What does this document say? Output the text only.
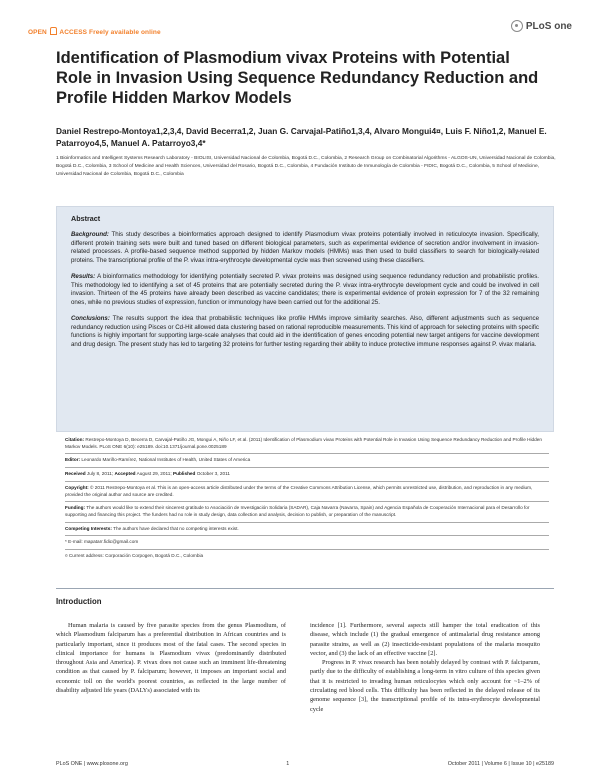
OPEN ACCESS Freely available online
PLoS one
Identification of Plasmodium vivax Proteins with Potential Role in Invasion Using Sequence Redundancy Reduction and Profile Hidden Markov Models
Daniel Restrepo-Montoya1,2,3,4, David Becerra1,2, Juan G. Carvajal-Patiño1,3,4, Alvaro Mongui4¤, Luis F. Niño1,2, Manuel E. Patarroyo4,5, Manuel A. Patarroyo3,4*
1 Bioinformatics and Intelligent Systems Research Laboratory - BIOLISI, Universidad Nacional de Colombia, Bogotá D.C., Colombia, 2 Research Group on Combinatorial Algorithms - ALGOS-UN, Universidad Nacional de Colombia, Bogotá D.C., Colombia, 3 School of Medicine and Health Sciences, Universidad del Rosario, Bogotá D.C., Colombia, 4 Fundación Instituto de Inmunología de Colombia - FIDIC, Bogotá D.C., Colombia, 5 School of Medicine, Universidad Nacional de Colombia, Bogotá D.C., Colombia
Abstract

Background: This study describes a bioinformatics approach designed to identify Plasmodium vivax proteins potentially involved in reticulocyte invasion. Specifically, different protein training sets were built and tuned based on different biological parameters, such as experimental evidence of secretion and/or involvement in invasion-related processes. A profile-based sequence method supported by hidden Markov models (HMMs) was then used to build classifiers to search for biologically-related proteins. The transcriptional profile of the P. vivax intra-erythrocyte developmental cycle was then screened using these classifiers.

Results: A bioinformatics methodology for identifying potentially secreted P. vivax proteins was designed using sequence redundancy reduction and probabilistic profiles. This methodology led to identifying a set of 45 proteins that are potentially secreted during the P. vivax intra-erythrocyte development cycle and could be involved in cell invasion. Thirteen of the 45 proteins have already been described as vaccine candidates; there is experimental evidence of protein expression for 7 of the 32 remaining ones, while no previous studies of expression, function or immunology have been carried out for the additional 25.

Conclusions: The results support the idea that probabilistic techniques like profile HMMs improve similarity searches. Also, different adjustments such as sequence redundancy reduction using Pisces or Cd-Hit allowed data clustering based on rational reproducible measurements. This kind of approach for selecting proteins with specific functions is highly important for supporting large-scale analyses that could aid in the identification of genes encoding potential new target antigens for vaccine development and drug design. The present study has led to targeting 32 proteins for further testing regarding their ability to induce protective immune responses against P. vivax malaria.

Citation: Restrepo-Montoya D, Becerra D, Carvajal-Patiño JG, Mongui A, Niño LF, et al. (2011) Identification of Plasmodium vivax Proteins with Potential Role in Invasion Using Sequence Redundancy Reduction and Profile Hidden Markov Models. PLoS ONE 6(10): e25189. doi:10.1371/journal.pone.0025189

Editor: Leonardo Mariño-Ramírez, National Institutes of Health, United States of America

Received July 8, 2011; Accepted August 29, 2011; Published October 3, 2011

Copyright: © 2011 Restrepo-Montoya et al. This is an open-access article distributed under the terms of the Creative Commons Attribution License, which permits unrestricted use, distribution, and reproduction in any medium, provided the original author and source are credited.

Funding: The authors would like to extend their sincerest gratitude to Asociación de Investigación Solidaria (SADAR), Caja Navarra (Navarra, Spain) and Agencia Española de Cooperación Internacional para el Desarrollo for supporting and financing this project. The funders had no role in study design, data collection and analysis, decision to publish, or preparation of the manuscript.

Competing Interests: The authors have declared that no competing interests exist.

* E-mail: mapatarr.fidic@gmail.com

¤ Current address: Corporación Corpogen, Bogotá D.C., Colombia

Introduction

Human malaria is caused by five parasite species from the genus Plasmodium, of which Plasmodium falciparum has a preferential distribution in African countries and is particularly important, since it produces most of the fatal cases. The second species in clinical importance for humans is Plasmodium vivax (predominantly distributed throughout Asia and America). P. vivax does not cause such an imminent life-threatening condition as that caused by P. falciparum; however, it imposes an important social and economic toll on the world's poorest countries, as reflected in the large number of disability adjusted life years (DALYs) associated with its

incidence [1]. Furthermore, several aspects still hamper the total eradication of this disease, which include (1) the gradual emergence of antimalarial drug resistance among parasite strains, as well as (2) insecticide-resistant populations of the malaria mosquito vector, and (3) the lack of an effective vaccine [2].

Progress in P. vivax research has been notably delayed by contrast with P. falciparum, partly due to the difficulty of establishing a long-term in vitro culture of this species given that it is restricted to invading human reticulocytes which only account for ~1–2% of circulating red blood cells. This difficulty has been reflected in the delayed release of its genome sequence [3], the transcriptional profile of its intra-erythrocyte developmental cycle

PLoS ONE | www.plosone.org	1	October 2011 | Volume 6 | Issue 10 | e25189
